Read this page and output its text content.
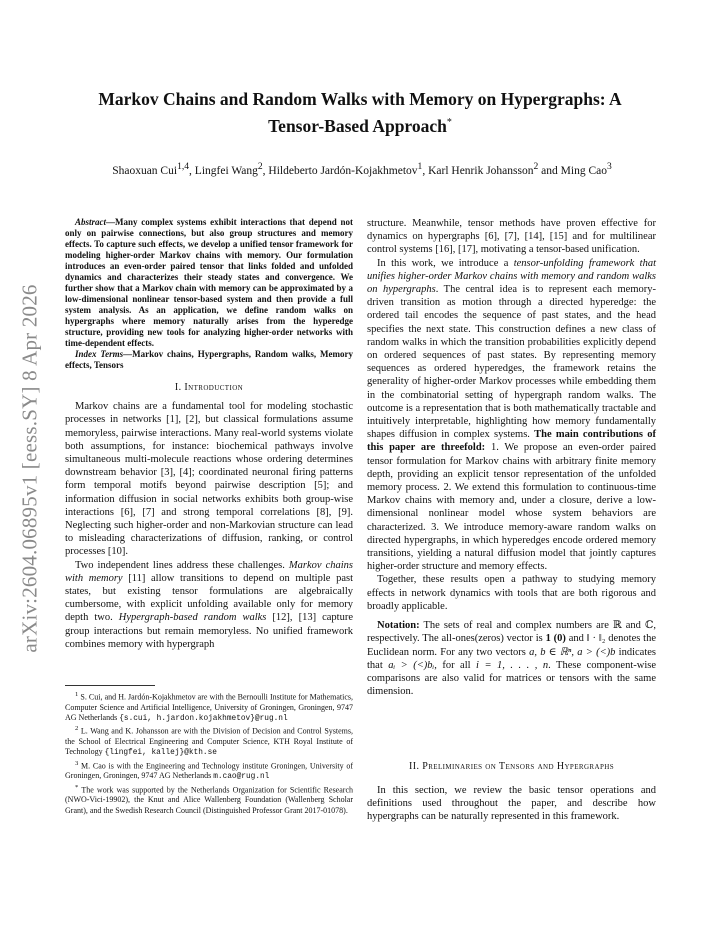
arXiv:2604.06895v1 [eess.SY] 8 Apr 2026
Markov Chains and Random Walks with Memory on Hypergraphs: A
Tensor-Based Approach*
Shaoxuan Cui$^{1,4}$, Lingfei Wang$^2$, Hildeberto Jardón-Kojakhmetov$^1$, Karl Henrik Johansson$^2$ and Ming Cao$^3$

Abstract—Many complex systems exhibit interactions that depend not only on pairwise connections, but also group structures and memory effects. To capture such effects, we develop a unified tensor framework for modeling higher-order Markov chains with memory. Our formulation introduces an even-order paired tensor that links folded and unfolded dynamics and characterizes their steady states and convergence. We further show that a Markov chain with memory can be approximated by a low-dimensional nonlinear tensor-based system and then provide a full system analysis. As an application, we define random walks on hypergraphs where memory naturally arises from the hyperedge structure, providing new tools for analyzing higher-order networks with time-dependent effects.

Index Terms—Markov chains, Hypergraphs, Random walks, Memory effects, Tensors

I. Introduction

Markov chains are a fundamental tool for modeling stochastic processes in networks [1], [2], but classical formulations assume memoryless, pairwise interactions. Many real-world systems violate both assumptions, for instance: biochemical pathways involve simultaneous multi-molecule reactions whose ordering determines downstream behavior [3], [4]; coordinated neuronal firing patterns form temporal motifs beyond pairwise description [5]; and information diffusion in social networks exhibits both group-wise interactions [6], [7] and strong temporal correlations [8], [9]. Neglecting such higher-order and non-Markovian structure can lead to misleading characterizations of diffusion, ranking, or control processes [10].

Two independent lines address these challenges. Markov chains with memory [11] allow transitions to depend on multiple past states, but existing tensor formulations are algebraically cumbersome, with explicit unfolding available only for memory depth two. Hypergraph-based random walks [12], [13] capture group interactions but remain memoryless. No unified framework combines memory with hypergraph

$^1$ S. Cui, and H. Jardón-Kojakhmetov are with the Bernoulli Institute for Mathematics, Computer Science and Artificial Intelligence, University of Groningen, Groningen, 9747 AG Netherlands {s.cui, h.jardon.kojakhmetov}@rug.nl

$^2$ L. Wang and K. Johansson are with the Division of Decision and Control Systems, the School of Electrical Engineering and Computer Science, KTH Royal Institute of Technology {lingfei, kallej}@kth.se

$^3$ M. Cao is with the Engineering and Technology institute Groningen, University of Groningen, Groningen, 9747 AG Netherlands m.cao@rug.nl

* The work was supported by the Netherlands Organization for Scientific Research (NWO-Vici-19902), the Knut and Alice Wallenberg Foundation (Wallenberg Scholar Grant), and the Swedish Research Council (Distinguished Professor Grant 2017-01078).

structure. Meanwhile, tensor methods have proven effective for dynamics on hypergraphs [6], [7], [14], [15] and for multilinear control systems [16], [17], motivating a tensor-based unification.

In this work, we introduce a tensor-unfolding framework that unifies higher-order Markov chains with memory and random walks on hypergraphs. The central idea is to represent each memory-driven transition as motion through a directed hyperedge: the ordered tail encodes the sequence of past states, and the head specifies the next state. This construction defines a new class of random walks in which the transition probabilities explicitly depend on ordered sequences of past states. By representing memory sequences as ordered hyperedges, the framework retains the generality of higher-order Markov processes while embedding them in the combinatorial setting of hypergraph random walks. The outcome is a representation that is both mathematically tractable and intuitively interpretable, highlighting how memory fundamentally shapes diffusion in complex systems. The main contributions of this paper are threefold: 1. We propose an even-order paired tensor formulation for Markov chains with arbitrary finite memory depth, providing an explicit tensor representation of the unfolded memory process. 2. We extend this formulation to continuous-time Markov chains with memory and, under a closure, derive a low-dimensional nonlinear model whose system behaviors are characterized. 3. We introduce memory-aware random walks on directed hypergraphs, in which hyperedges encode ordered memory transitions, yielding a natural diffusion model that jointly captures higher-order structure and memory effects.

Together, these results open a pathway to studying memory effects in network dynamics with tools that are both rigorous and broadly applicable.

Notation: The sets of real and complex numbers are ℝ and ℂ, respectively. The all-ones(zeros) vector is 1 (0) and ‖ · ‖₂ denotes the Euclidean norm. For any two vectors a, b ∈ ℝⁿ, a > (<)b indicates that aᵢ > (<)bᵢ, for all i = 1, . . . , n. These component-wise comparisons are also valid for matrices or tensors with the same dimension.

II. Preliminaries on Tensors and Hypergraphs

In this section, we review the basic tensor operations and definitions used throughout the paper, and describe how hypergraphs can be naturally represented in this framework.
